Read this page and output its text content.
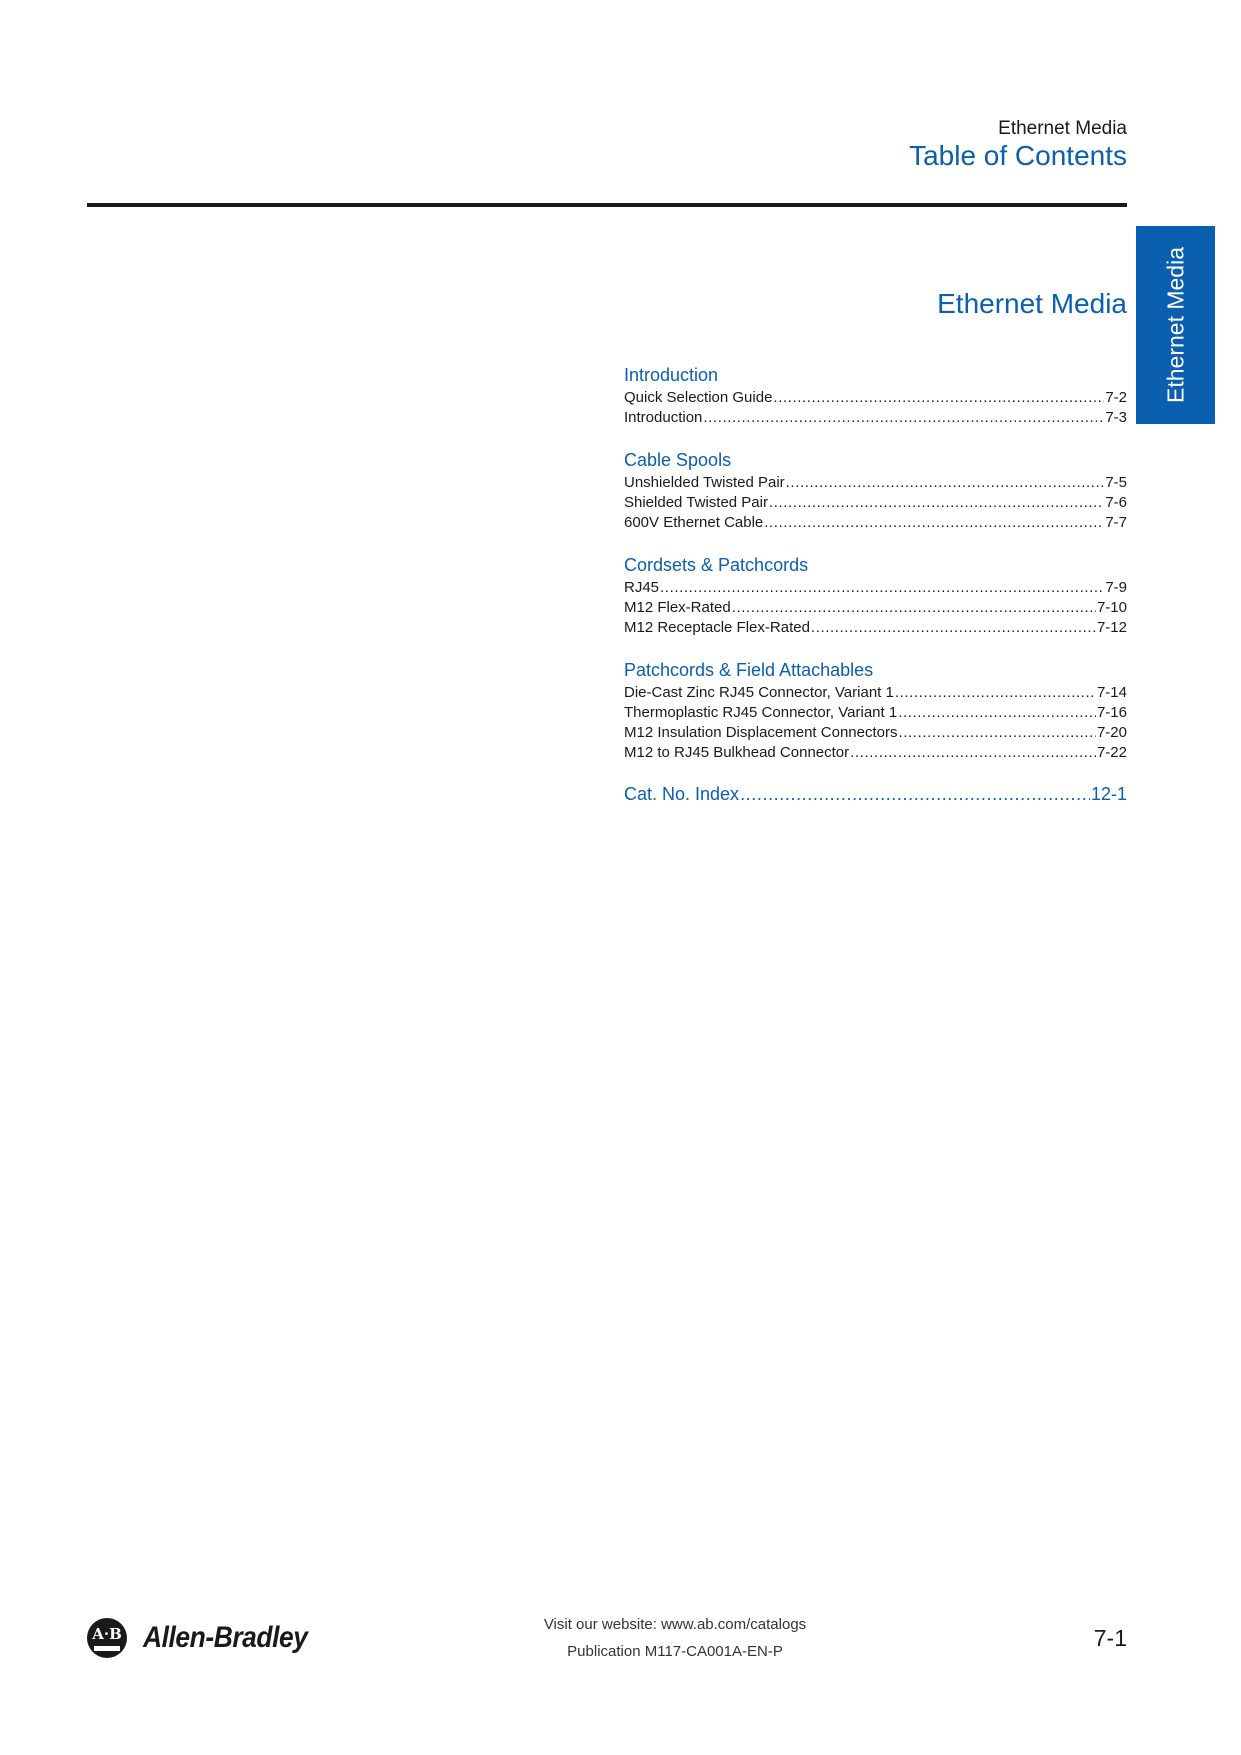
Ethernet Media
Table of Contents
Ethernet Media
Ethernet Media
Introduction
Quick Selection Guide .....	7-2
Introduction .....	7-3
Cable Spools
Unshielded Twisted Pair .....	7-5
Shielded Twisted Pair .....	7-6
600V Ethernet Cable .....	7-7
Cordsets & Patchcords
RJ45 .....	7-9
M12 Flex-Rated .....	7-10
M12 Receptacle Flex-Rated .....	7-12
Patchcords & Field Attachables
Die-Cast Zinc RJ45 Connector, Variant 1 .....	7-14
Thermoplastic RJ45 Connector, Variant 1 .....	7-16
M12 Insulation Displacement Connectors .....	7-20
M12 to RJ45 Bulkhead Connector .....	7-22
Cat. No. Index .....	12-1
A·B Allen-Bradley	Visit our website: www.ab.com/catalogs
Publication M117-CA001A-EN-P
7-1
